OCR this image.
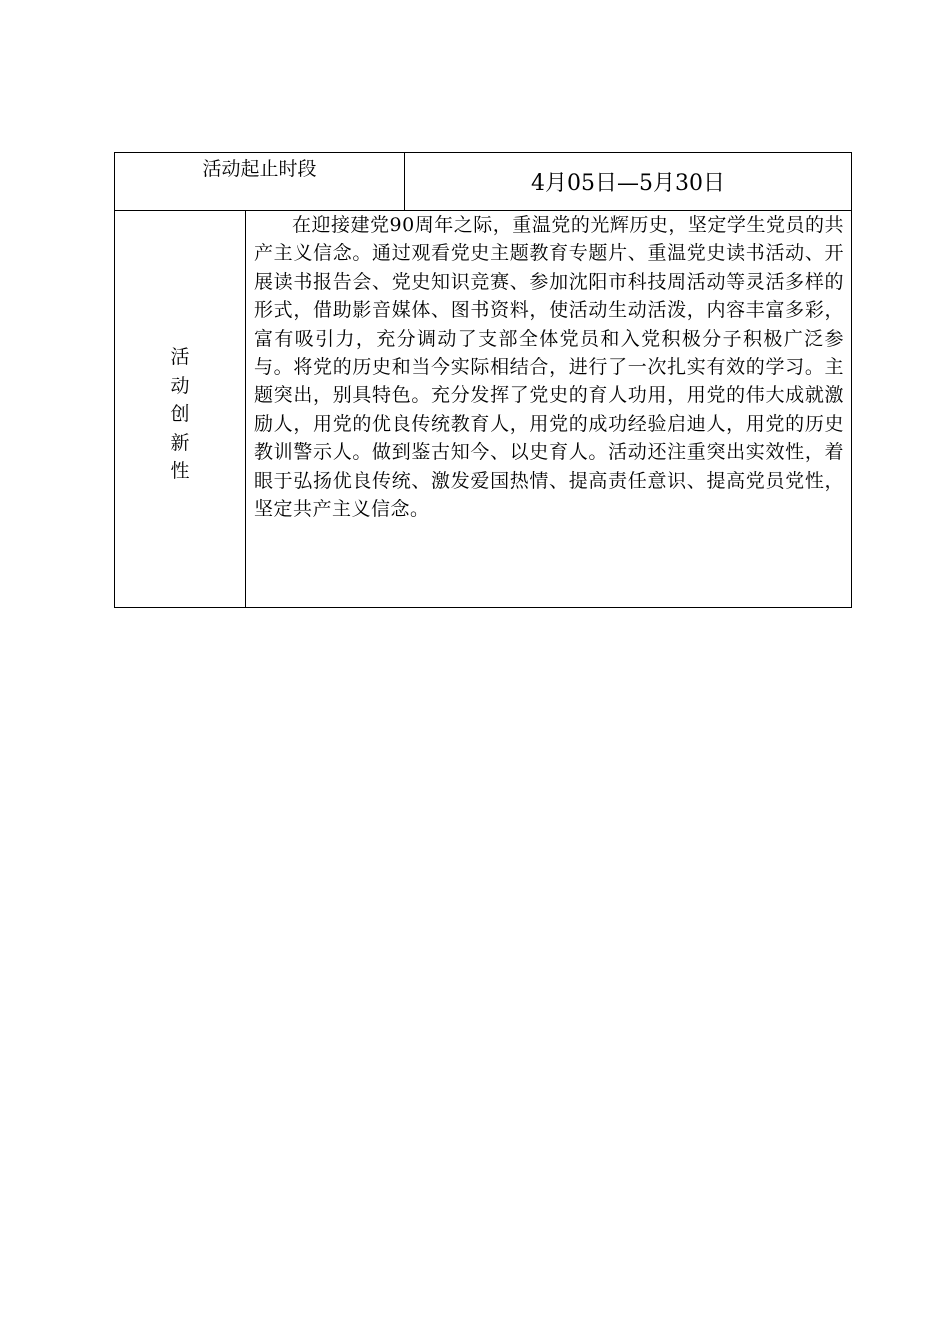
活动起止时段
4月05日—5月30日
活
动
创
新
性
在迎接建党90周年之际，重温党的光辉历史，坚定学生党员的共产主义信念。通过观看党史主题教育专题片、重温党史读书活动、开展读书报告会、党史知识竞赛、参加沈阳市科技周活动等灵活多样的形式，借助影音媒体、图书资料，使活动生动活泼，内容丰富多彩，富有吸引力，充分调动了支部全体党员和入党积极分子积极广泛参与。将党的历史和当今实际相结合，进行了一次扎实有效的学习。主题突出，别具特色。充分发挥了党史的育人功用，用党的伟大成就激励人，用党的优良传统教育人，用党的成功经验启迪人，用党的历史教训警示人。做到鉴古知今、以史育人。活动还注重突出实效性，着眼于弘扬优良传统、激发爱国热情、提高责任意识、提高党员党性，坚定共产主义信念。
